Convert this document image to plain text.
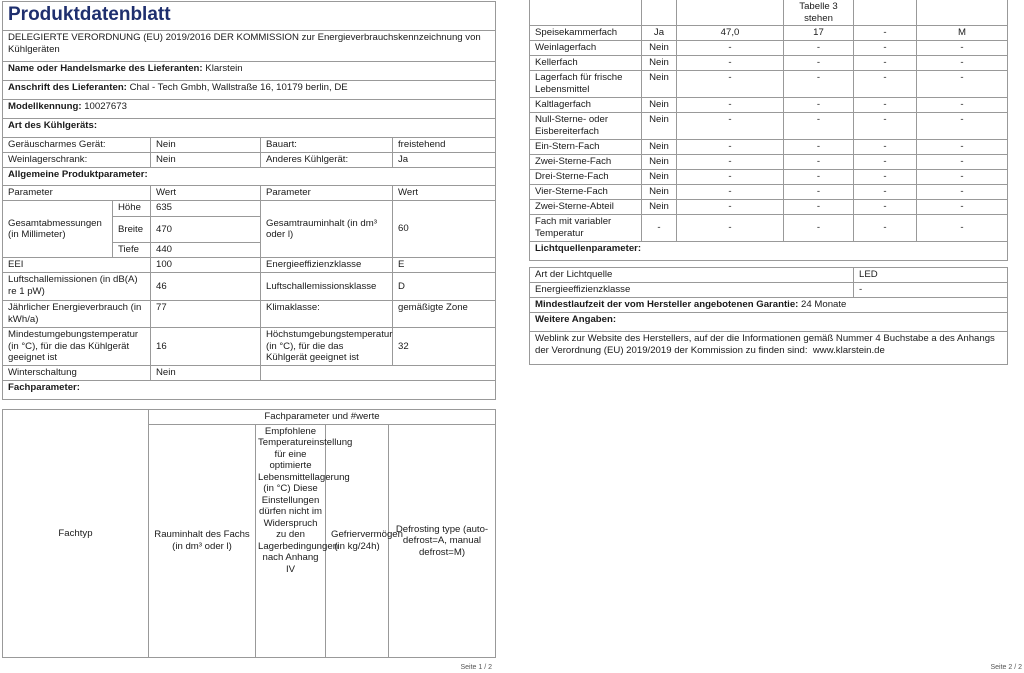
Produktdatenblatt				
DELEGIERTE VERORDNUNG (EU) 2019/2016 DER KOMMISSION zur Energieverbrauchskennzeichnung von Kühlgeräten				
Name oder Handelsmarke des Lieferanten: Klarstein				
Anschrift des Lieferanten: Chal - Tech Gmbh, Wallstraße 16, 10179 berlin, DE				
Modellkennung: 10027673				
Art des Kühlgeräts:				
Geräuscharmes Gerät:		Nein	Bauart:	freistehend
Weinlagerschrank:		Nein	Anderes Kühlgerät:	Ja
Allgemeine Produktparameter:				
Parameter		Wert	Parameter	Wert
Gesamtabmessungen (in Millimeter)	Höhe	635	Gesamtrauminhalt (in dm³ oder l)	60
	Breite	470		
	Tiefe	440		
EEI		100	Energieeffizienzklasse	E
Luftschallemissionen (in dB(A) re 1 pW)		46	Luftschallemissionsklasse	D
Jährlicher Energieverbrauch (in kWh/a)		77	Klimaklasse:	gemäßigte Zone
Mindestumgebungstemperatur (in °C), für die das Kühlgerät geeignet ist		16	Höchstumgebungstemperatur (in °C), für die das Kühlgerät geeignet ist	32
Winterschaltung		Nein		
Fachparameter:				
Fachtyp	Fachparameter und #werte			
	Rauminhalt des Fachs (in dm³ oder l)	Empfohlene Temperatureinstellung für eine optimierte Lebensmittellagerung (in °C) Diese Einstellungen dürfen nicht im Widerspruch zu den Lagerbedingungen nach Anhang IV	Gefriervermögen (in kg/24h)	Defrosting type (auto-defrost=A, manual defrost=M)
Seite 1 / 2
			Tabelle 3 stehen		
Speisekammerfach	Ja	47,0	17	-	M
Weinlagerfach	Nein	-	-	-	-
Kellerfach	Nein	-	-	-	-
Lagerfach für frische Lebensmittel	Nein	-	-	-	-
Kaltlagerfach	Nein	-	-	-	-
Null-Sterne- oder Eisbereiterfach	Nein	-	-	-	-
Ein-Stern-Fach	Nein	-	-	-	-
Zwei-Sterne-Fach	Nein	-	-	-	-
Drei-Sterne-Fach	Nein	-	-	-	-
Vier-Sterne-Fach	Nein	-	-	-	-
Zwei-Sterne-Abteil	Nein	-	-	-	-
Fach mit variabler Temperatur	-	-	-	-	-
Lichtquellenparameter:					

Art der Lichtquelle				LED	
Energieeffizienzklasse				-	
Mindestlaufzeit der vom Hersteller angebotenen Garantie: 24 Monate					
Weitere Angaben:					
Weblink zur Website des Herstellers, auf der die Informationen gemäß Nummer 4 Buchstabe a des Anhangs der Verordnung (EU) 2019/2019 der Kommission zu finden sind: www.klarstein.de					
Seite 2 / 2
